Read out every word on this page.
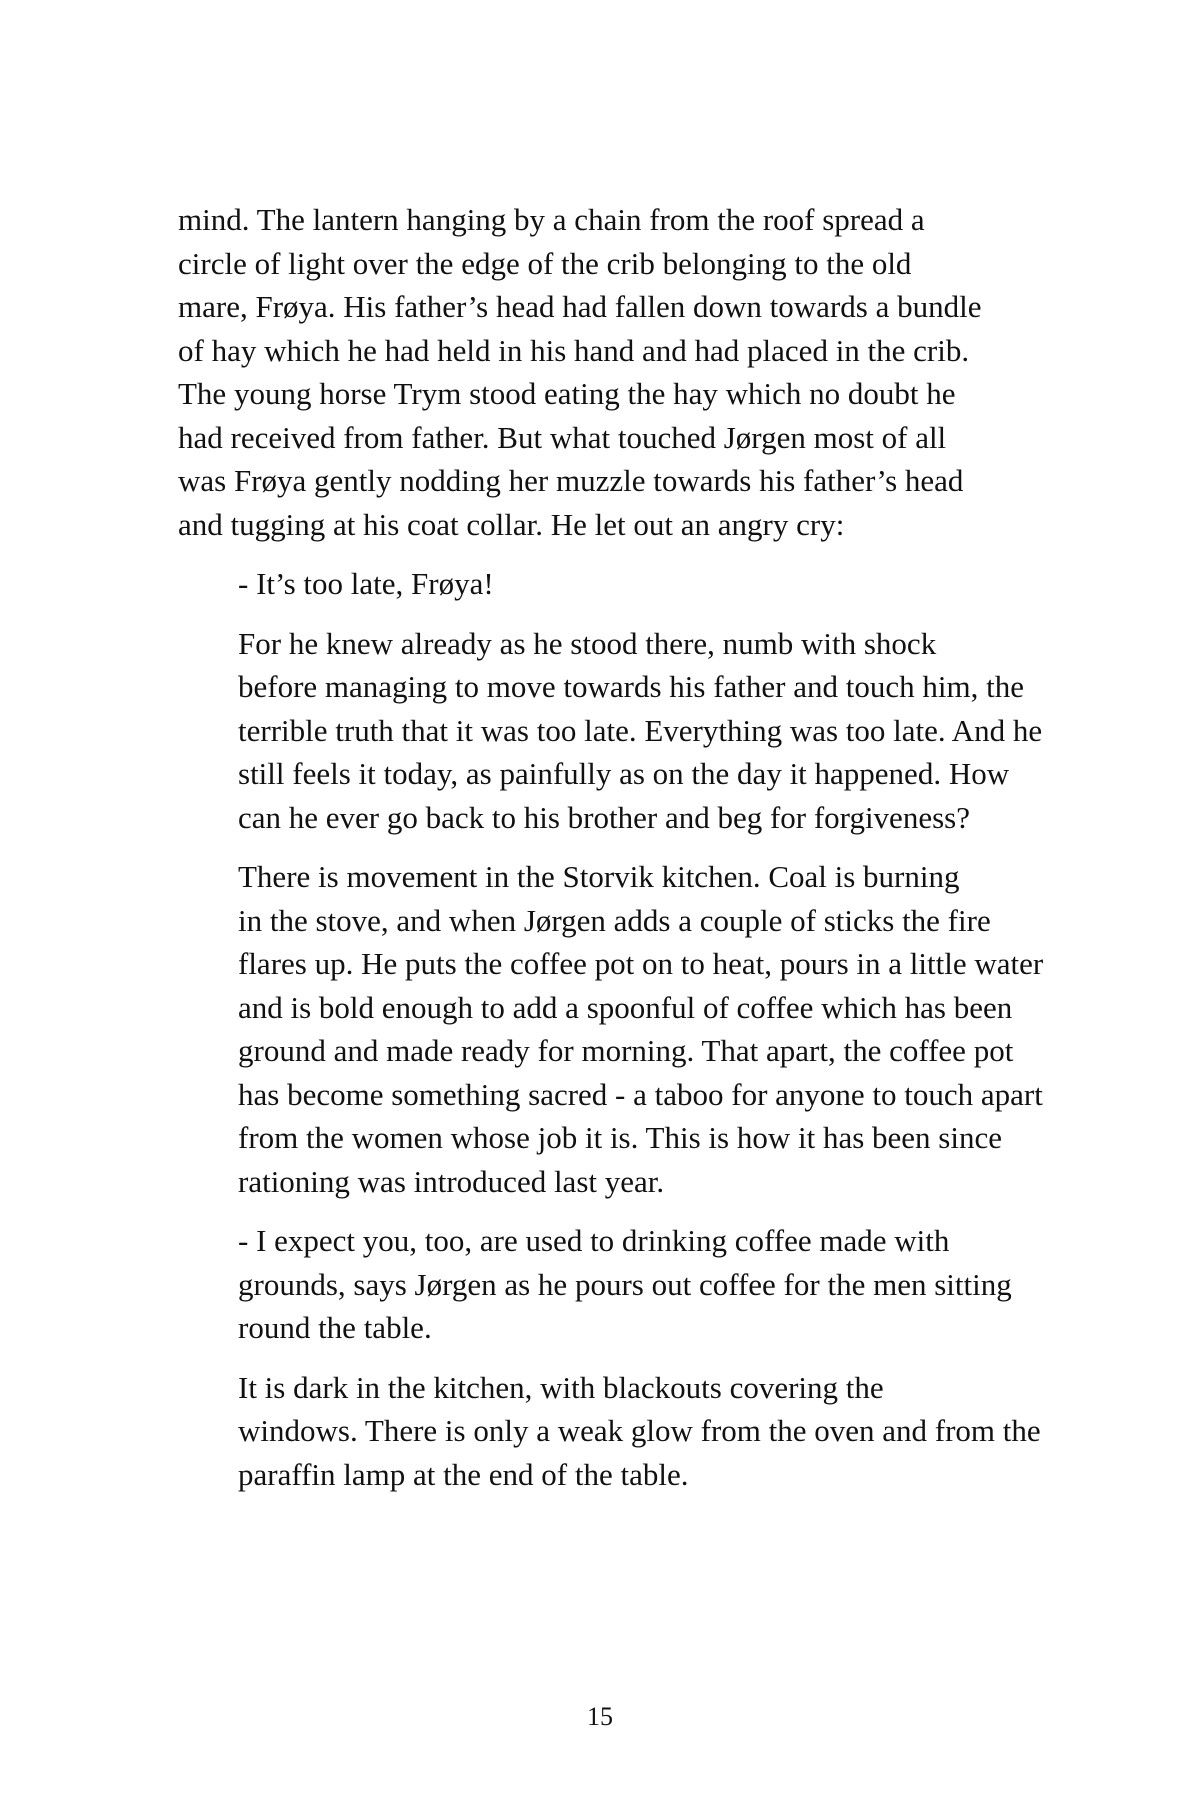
mind. The lantern hanging by a chain from the roof spread a
circle of light over the edge of the crib belonging to the old
mare, Frøya. His father’s head had fallen down towards a bundle
of hay which he had held in his hand and had placed in the crib.
The young horse Trym stood eating the hay which no doubt he
had received from father. But what touched Jørgen most of all
was Frøya gently nodding her muzzle towards his father’s head
and tugging at his coat collar. He let out an angry cry:

- It’s too late, Frøya!

For he knew already as he stood there, numb with shock
before managing to move towards his father and touch him, the
terrible truth that it was too late. Everything was too late. And he
still feels it today, as painfully as on the day it happened. How
can he ever go back to his brother and beg for forgiveness?

There is movement in the Storvik kitchen. Coal is burning
in the stove, and when Jørgen adds a couple of sticks the fire
flares up. He puts the coffee pot on to heat, pours in a little water
and is bold enough to add a spoonful of coffee which has been
ground and made ready for morning. That apart, the coffee pot
has become something sacred - a taboo for anyone to touch apart
from the women whose job it is. This is how it has been since
rationing was introduced last year.

- I expect you, too, are used to drinking coffee made with
grounds, says Jørgen as he pours out coffee for the men sitting
round the table.

It is dark in the kitchen, with blackouts covering the
windows. There is only a weak glow from the oven and from the
paraffin lamp at the end of the table.

15
